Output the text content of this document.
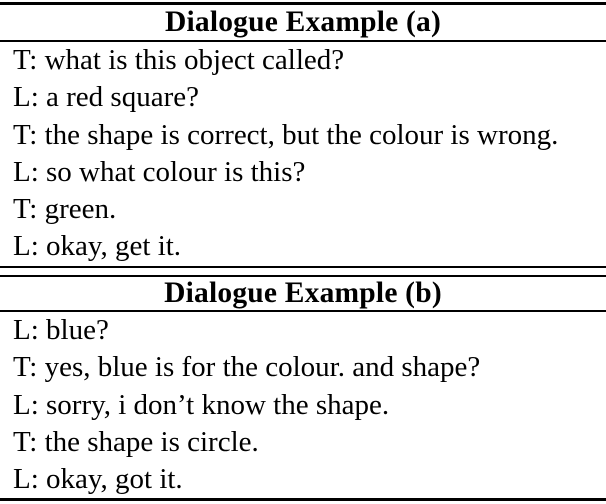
Dialogue Example (a)
T: what is this object called?
L: a red square?
T: the shape is correct, but the colour is wrong.
L: so what colour is this?
T: green.
L: okay, get it.
Dialogue Example (b)
L: blue?
T: yes, blue is for the colour. and shape?
L: sorry, i don’t know the shape.
T: the shape is circle.
L: okay, got it.
